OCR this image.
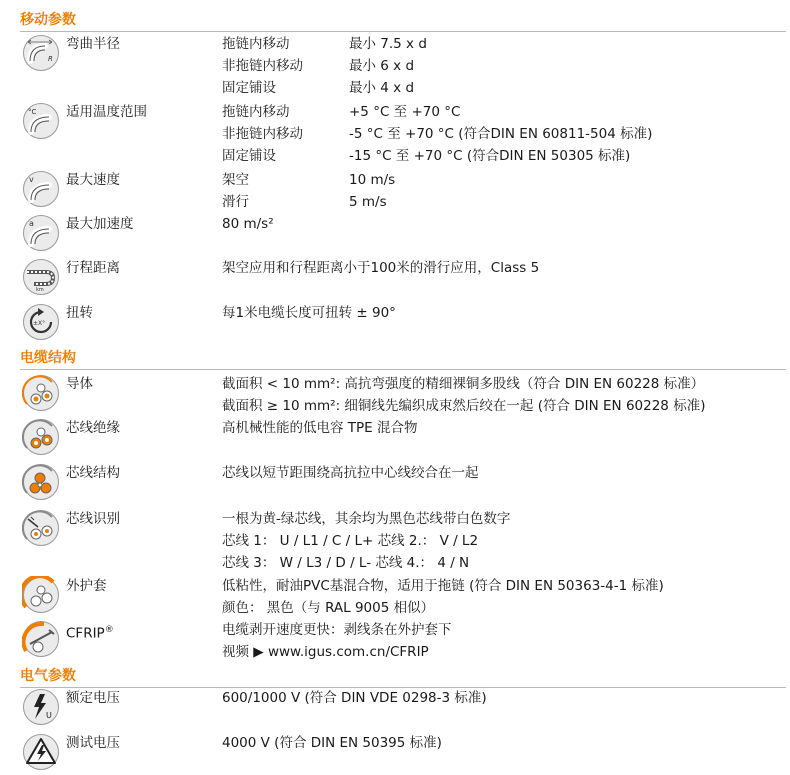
移动参数
R
弯曲半径	拖链内移动	最小 7.5 x d
非拖链内移动	最小 6 x d
固定铺设	最小 4 x d
°C 适用温度范围	拖链内移动	+5 °C 至 +70 °C
非拖链内移动	-5 °C 至 +70 °C (符合DIN EN 60811-504 标准)
固定铺设	-15 °C 至 +70 °C (符合DIN EN 50305 标准)
v 最大速度	架空	10 m/s
滑行	5 m/s
a 最大加速度	80 m/s²
km
行程距离	架空应用和行程距离小于100米的滑行应用，Class 5
±X°
扭转	每1米电缆长度可扭转 ± 90°
电缆结构
导体	截面积 < 10 mm²: 高抗弯强度的精细裸铜多股线（符合 DIN EN 60228 标准）
截面积 ≥ 10 mm²: 细铜线先编织成束然后绞在一起 (符合 DIN EN 60228 标准)
芯线绝缘	高机械性能的低电容 TPE 混合物
芯线结构	芯线以短节距围绕高抗拉中心线绞合在一起
芯线识别	一根为黄-绿芯线，其余均为黑色芯线带白色数字
芯线 1： U / L1 / C / L+ 芯线 2.： V / L2
芯线 3： W / L3 / D / L- 芯线 4.： 4 / N
外护套	低粘性，耐油PVC基混合物，适用于拖链 (符合 DIN EN 50363-4-1 标准)
颜色： 黑色（与 RAL 9005 相似）
CFRIP®	电缆剥开速度更快：剥线条在外护套下
视频 ▶ www.igus.com.cn/CFRIP
电气参数
U
额定电压	600/1000 V (符合 DIN VDE 0298-3 标准)
测试电压	4000 V (符合 DIN EN 50395 标准)
